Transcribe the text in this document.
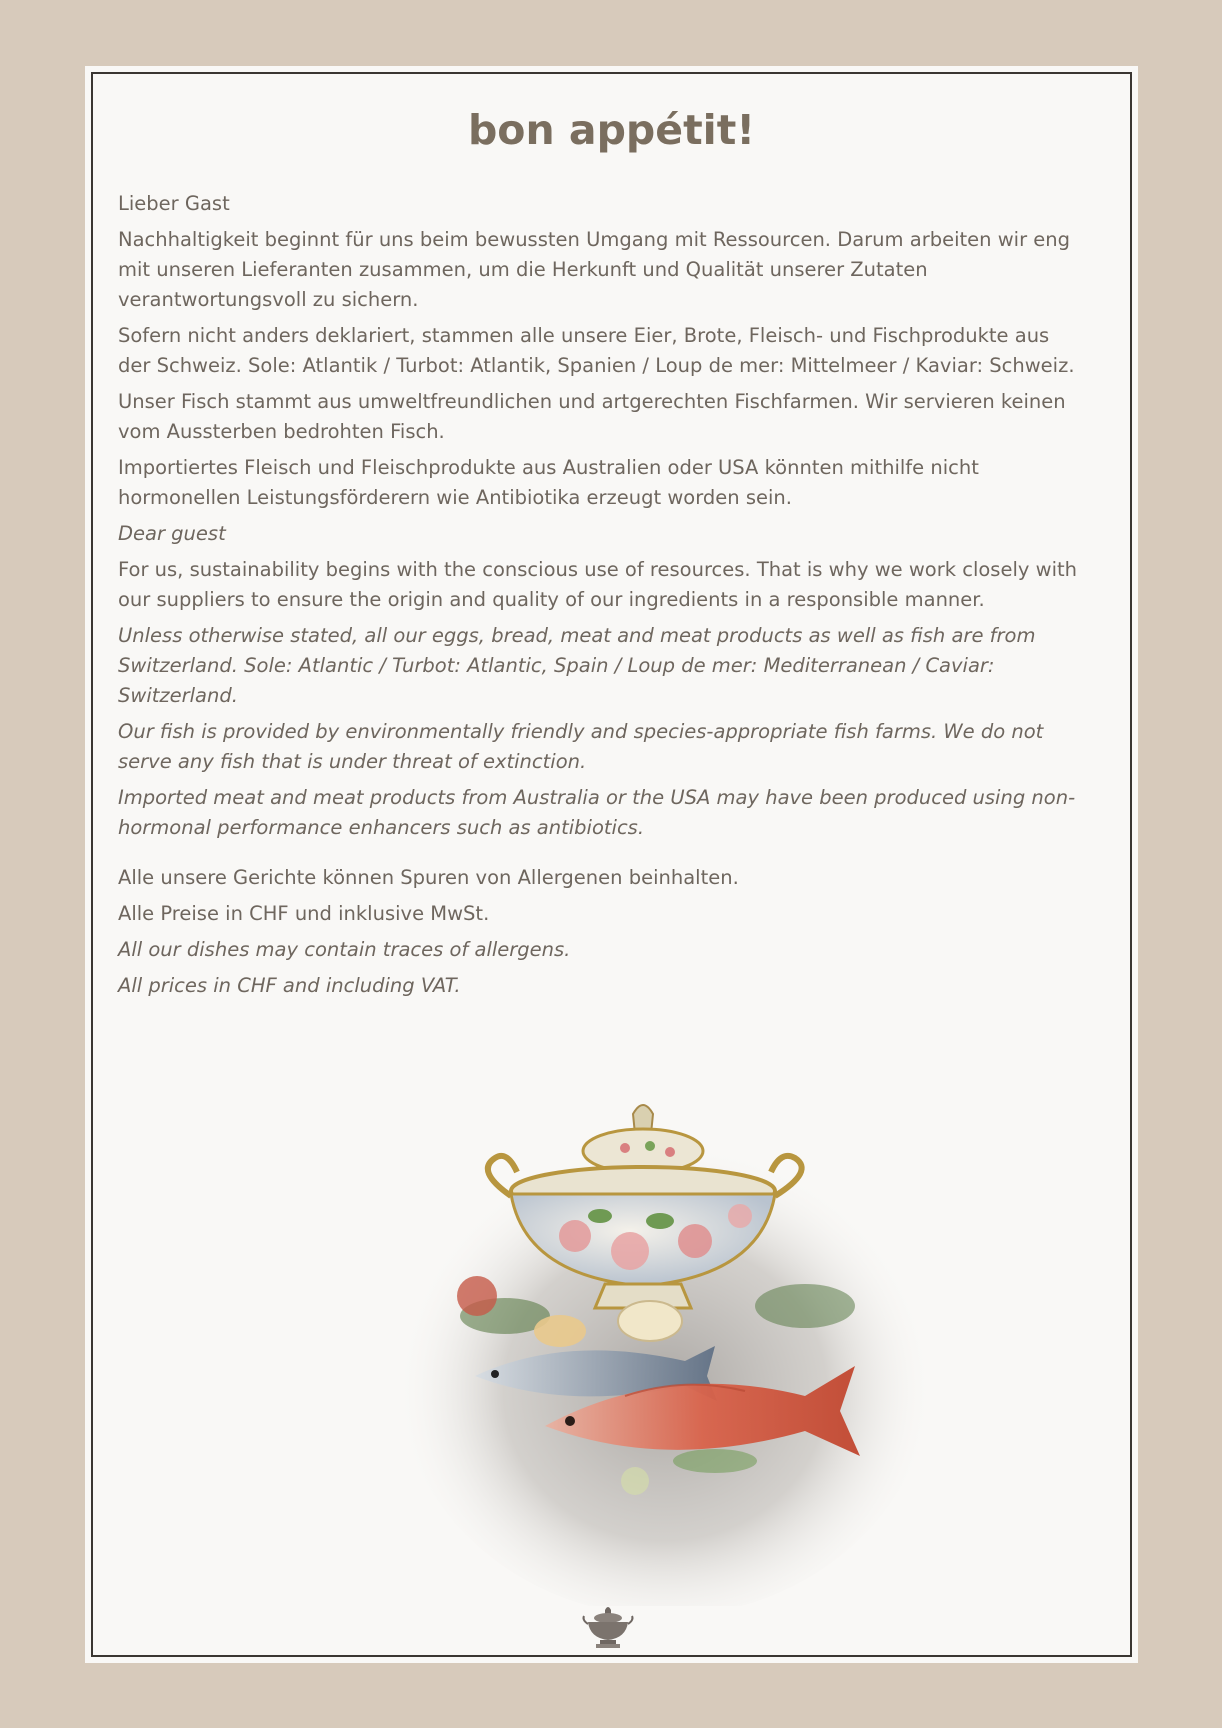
bon appétit!

Lieber Gast

Nachhaltigkeit beginnt für uns beim bewussten Umgang mit Ressourcen. Darum arbeiten wir eng mit unseren Lieferanten zusammen, um die Herkunft und Qualität unserer Zutaten verantwortungsvoll zu sichern.

Sofern nicht anders deklariert, stammen alle unsere Eier, Brote, Fleisch- und Fischprodukte aus der Schweiz. Sole: Atlantik / Turbot: Atlantik, Spanien / Loup de mer: Mittelmeer / Kaviar: Schweiz.

Unser Fisch stammt aus umweltfreundlichen und artgerechten Fischfarmen. Wir servieren keinen vom Aussterben bedrohten Fisch.

Importiertes Fleisch und Fleischprodukte aus Australien oder USA könnten mithilfe nicht hormonellen Leistungsförderern wie Antibiotika erzeugt worden sein.

Dear guest

For us, sustainability begins with the conscious use of resources. That is why we work closely with our suppliers to ensure the origin and quality of our ingredients in a responsible manner.

Unless otherwise stated, all our eggs, bread, meat and meat products as well as fish are from Switzerland. Sole: Atlantic / Turbot: Atlantic, Spain / Loup de mer: Mediterranean / Caviar: Switzerland.

Our fish is provided by environmentally friendly and species-appropriate fish farms. We do not serve any fish that is under threat of extinction.

Imported meat and meat products from Australia or the USA may have been produced using non-hormonal performance enhancers such as antibiotics.

Alle unsere Gerichte können Spuren von Allergenen beinhalten.

Alle Preise in CHF und inklusive MwSt.

All our dishes may contain traces of allergens.

All prices in CHF and including VAT.
